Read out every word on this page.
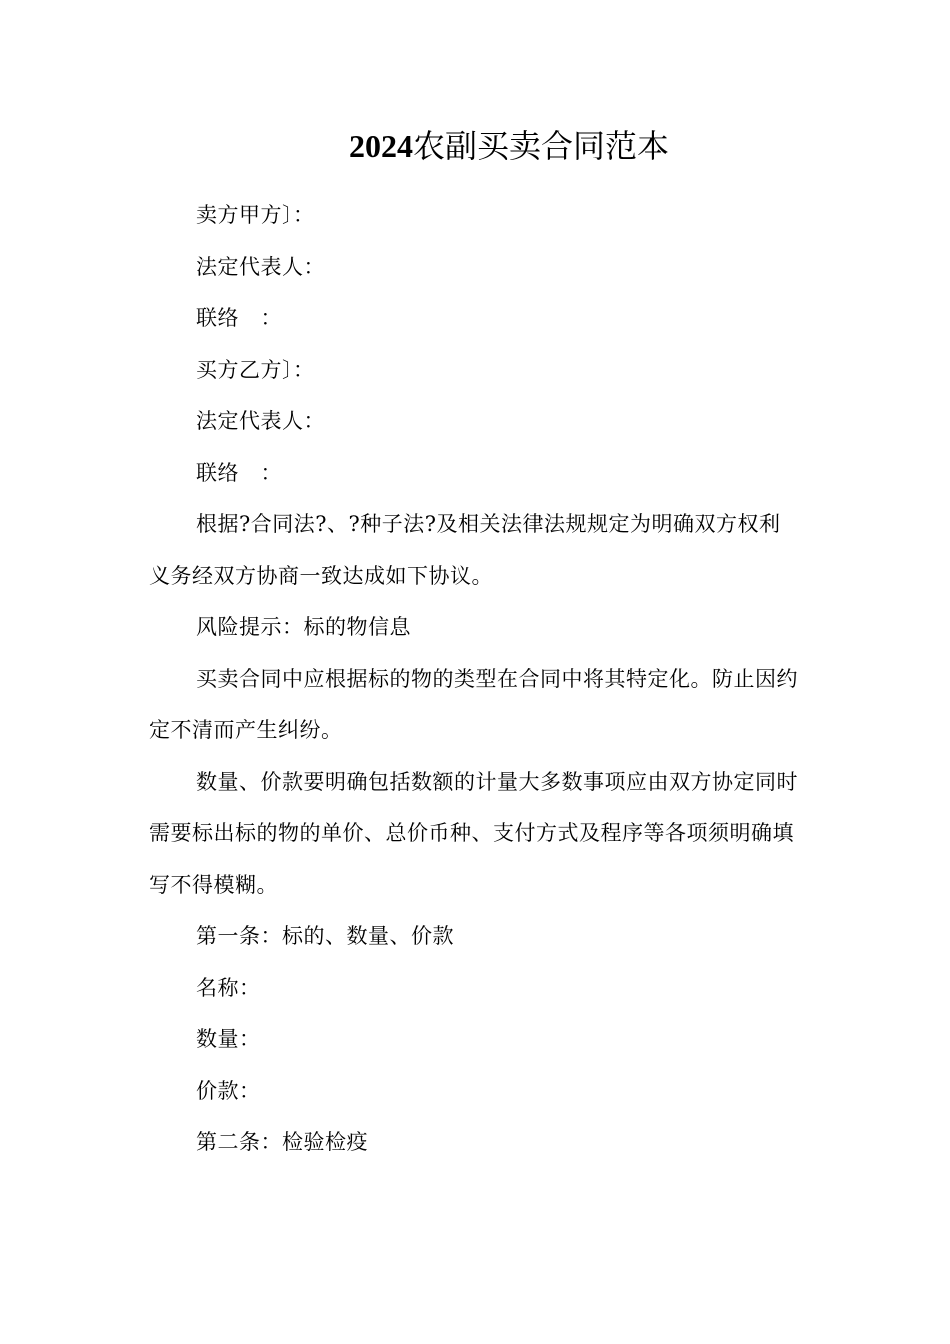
2024农副买卖合同范本

卖方甲方〕：

法定代表人：

联络　：

买方乙方〕：

法定代表人：

联络　：

根据?合同法?、?种子法?及相关法律法规规定为明确双方权利义务经双方协商一致达成如下协议。

风险提示：标的物信息

买卖合同中应根据标的物的类型在合同中将其特定化。防止因约定不清而产生纠纷。

数量、价款要明确包括数额的计量大多数事项应由双方协定同时需要标出标的物的单价、总价币种、支付方式及程序等各项须明确填写不得模糊。

第一条：标的、数量、价款

名称：

数量：

价款：

第二条：检验检疫
